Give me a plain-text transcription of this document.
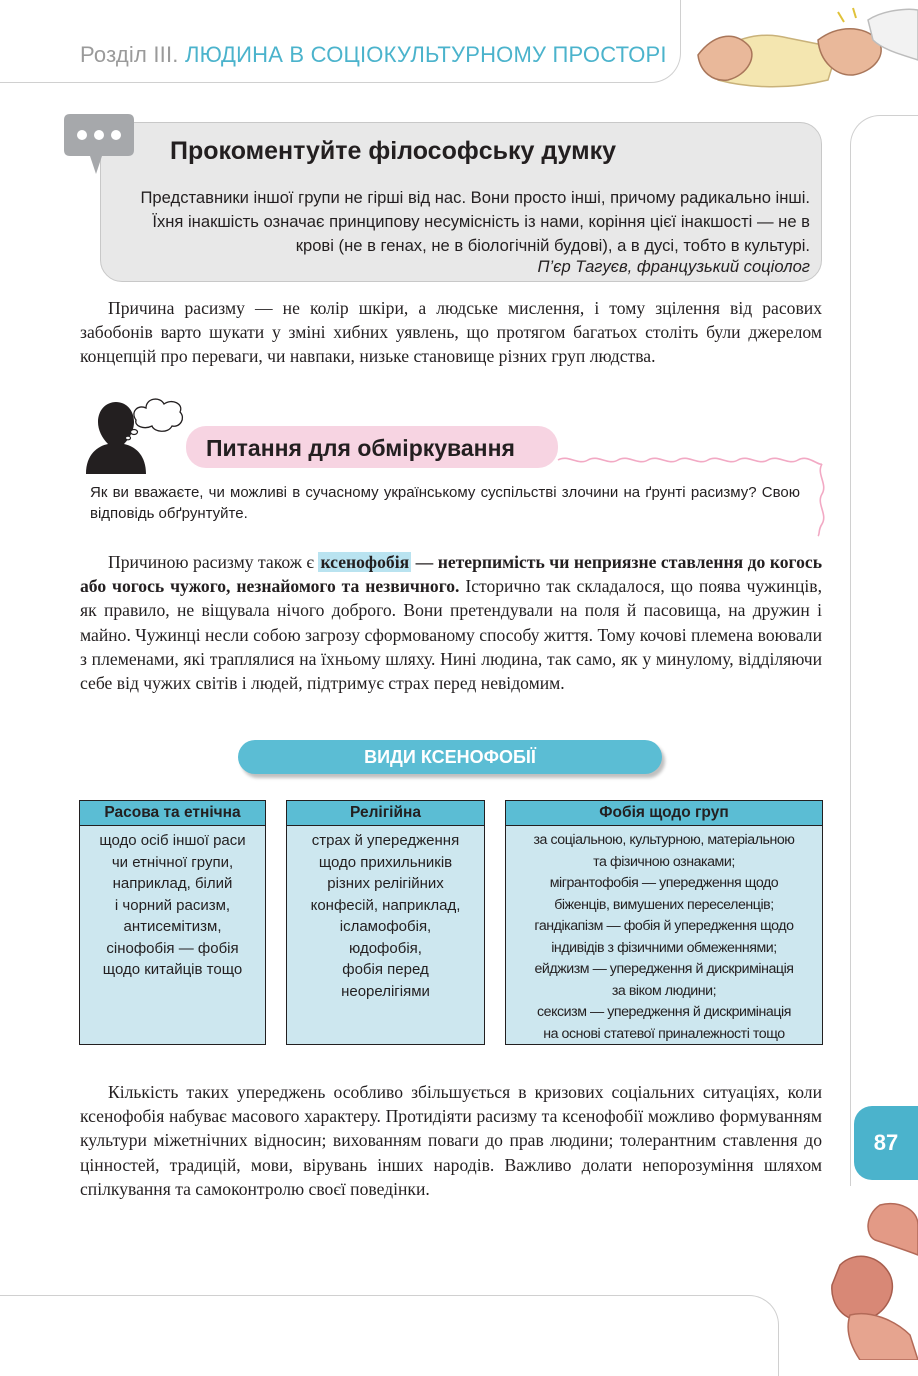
Розділ ІІІ. ЛЮДИНА В СОЦІОКУЛЬТУРНОМУ ПРОСТОРІ
87
Прокоментуйте філософську думку
Представники іншої групи не гірші від нас. Вони просто інші, причому радикально інші. Їхня інакшість означає принципову несумісність із нами, коріння цієї інакшості — не в крові (не в генах, не в біологічній будові), а в дусі, тобто в культурі.
П’єр Тагуєв, французький соціолог
Причина расизму — не колір шкіри, а людське мислення, і тому зцілення від расових забобонів варто шукати у зміні хибних уявлень, що протягом багатьох століть були джерелом концепцій про переваги, чи навпаки, низьке становище різних груп людства.
Питання для обміркування
Як ви вважаєте, чи можливі в сучасному українському суспільстві злочини на ґрунті расизму? Свою відповідь обґрунтуйте.
Причиною расизму також є ксенофобія — нетерпимість чи неприязне ставлення до когось або чогось чужого, незнайомого та незвичного. Історично так складалося, що поява чужинців, як правило, не віщувала нічого доброго. Вони претендували на поля й пасовища, на дружин і майно. Чужинці несли собою загрозу сформованому способу життя. Тому кочові племена воювали з племенами, які траплялися на їхньому шляху. Нині людина, так само, як у минулому, відділяючи себе від чужих світів і людей, підтримує страх перед невідомим.
ВИДИ КСЕНОФОБІЇ
Расова та етнічна
щодо осіб іншої раси
чи етнічної групи,
наприклад, білий
і чорний расизм,
антисемітизм,
сінофобія — фобія
щодо китайців тощо
Релігійна
страх й упередження
щодо прихильників
різних релігійних
конфесій, наприклад,
ісламофобія,
юдофобія,
фобія перед
неорелігіями
Фобія щодо груп
за соціальною, культурною, матеріальною
та фізичною ознаками;
мігрантофобія — упередження щодо
біженців, вимушених переселенців;
гандікапізм — фобія й упередження щодо
індивідів з фізичними обмеженнями;
ейджизм — упередження й дискримінація
за віком людини;
сексизм — упередження й дискримінація
на основі статевої приналежності тощо
Кількість таких упереджень особливо збільшується в кризових соціальних ситуаціях, коли ксенофобія набуває масового характеру. Протидіяти расизму та ксенофобії можливо формуванням культури міжетнічних відносин; вихованням поваги до прав людини; толерантним ставлення до цінностей, традицій, мови, вірувань інших народів. Важливо долати непорозуміння шляхом спілкування та самоконтролю своєї поведінки.
